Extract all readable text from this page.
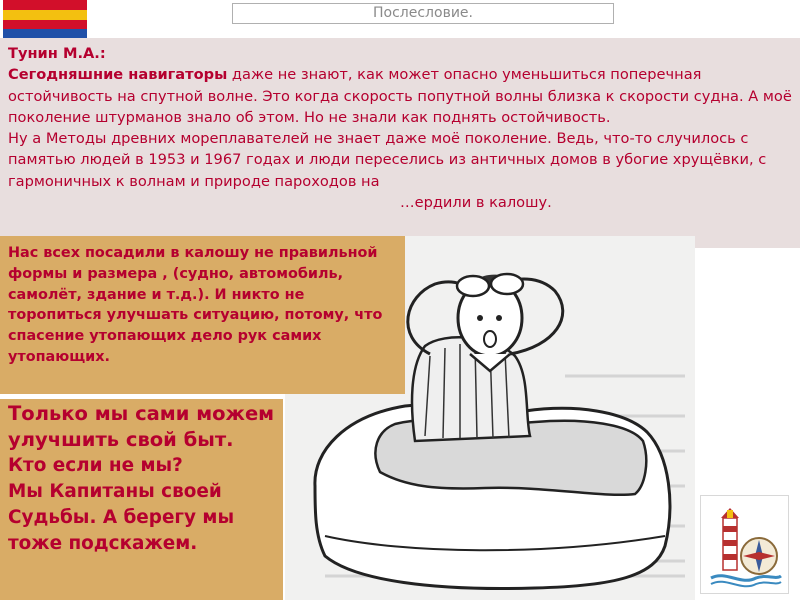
Послесловие.

Тунин М.А.:

Сегодняшние навигаторы даже не знают, как может опасно уменьшиться поперечная остойчивость на спутной волне. Это когда скорость попутной волны близка к скорости судна. А моё поколение штурманов знало об этом. Но не знали как поднять остойчивость.

Ну а Методы древних мореплавателей не знает даже моё поколение. Ведь, что-то случилось с памятью людей в 1953 и 1967 годах и люди переселись из античных домов в убогие хрущёвки, с гармоничных к волнам и природе пароходов на

…ердили в калошу.

Нас всех посадили в калошу не правильной формы и размера , (судно, автомобиль, самолёт, здание и т.д.). И никто не торопиться улучшать ситуацию, потому, что спасение утопающих дело рук самих утопающих.
Только мы сами можем улучшить свой быт.
Кто если не мы?
Мы Капитаны своей Судьбы. А берегу мы тоже подскажем.
